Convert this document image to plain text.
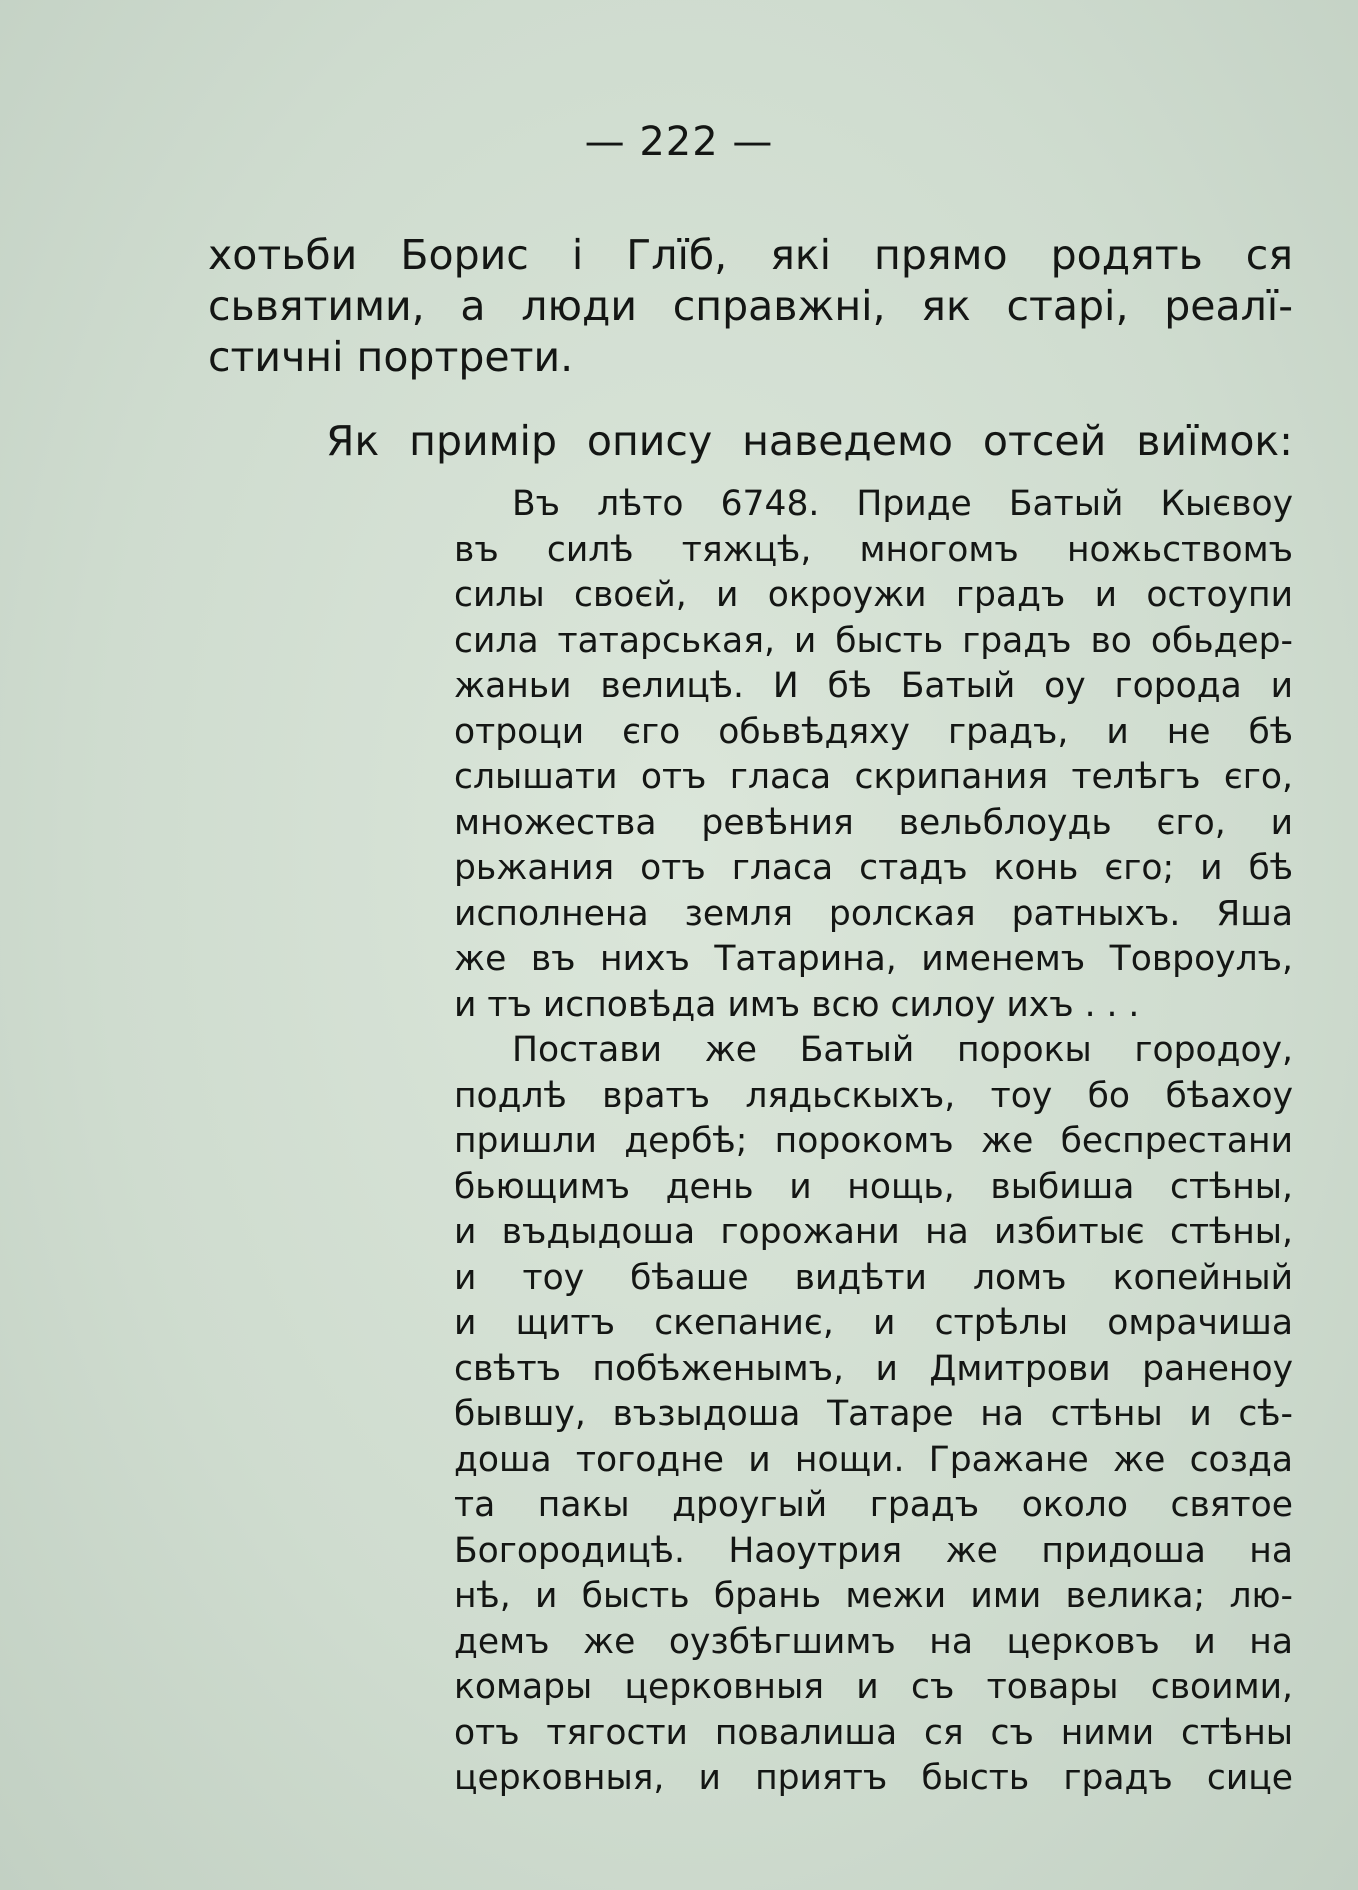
— 222 —
хотьби Борис і Глїб, які прямо родять ся
сьвятими, а люди справжні, як старі, реалї-
стичні портрети.
Як примір опису наведемо отсей виїмок:
Въ лѣто 6748. Приде Батый Кыєвоу
въ силѣ тяжцѣ, многомъ ножьствомъ
силы своєй, и окроужи градъ и остоупи
сила татарськая, и бысть градъ во обьдер-
жаньи велицѣ. И бѣ Батый оу города и
отроци єго обьвѣдяху градъ, и не бѣ
слышати отъ гласа скрипания телѣгъ єго,
множества ревѣния вельблоудь єго, и
рьжания отъ гласа стадъ конь єго; и бѣ
исполнена земля ролская ратныхъ. Яша
же въ нихъ Татарина, именемъ Товроулъ,
и тъ исповѣда имъ всю силоу ихъ . . .
Постави же Батый порокы городоу,
подлѣ вратъ лядьскыхъ, тоу бо бѣахоу
пришли дербѣ; порокомъ же беспрестани
бьющимъ день и нощь, выбиша стѣны,
и въдыдоша горожани на избитыє стѣны,
и тоу бѣаше видѣти ломъ копейный
и щитъ скепаниє, и стрѣлы омрачиша
свѣтъ побѣженымъ, и Дмитрови раненоу
бывшу, възыдоша Татаре на стѣны и сѣ-
доша тогодне и нощи. Гражане же созда
та пакы дроугый градъ около святое
Богородицѣ. Наоутрия же придоша на
нѣ, и бысть брань межи ими велика; лю-
демъ же оузбѣгшимъ на церковъ и на
комары церковныя и съ товары своими,
отъ тягости повалиша ся съ ними стѣны
церковныя, и приятъ бысть градъ сице
